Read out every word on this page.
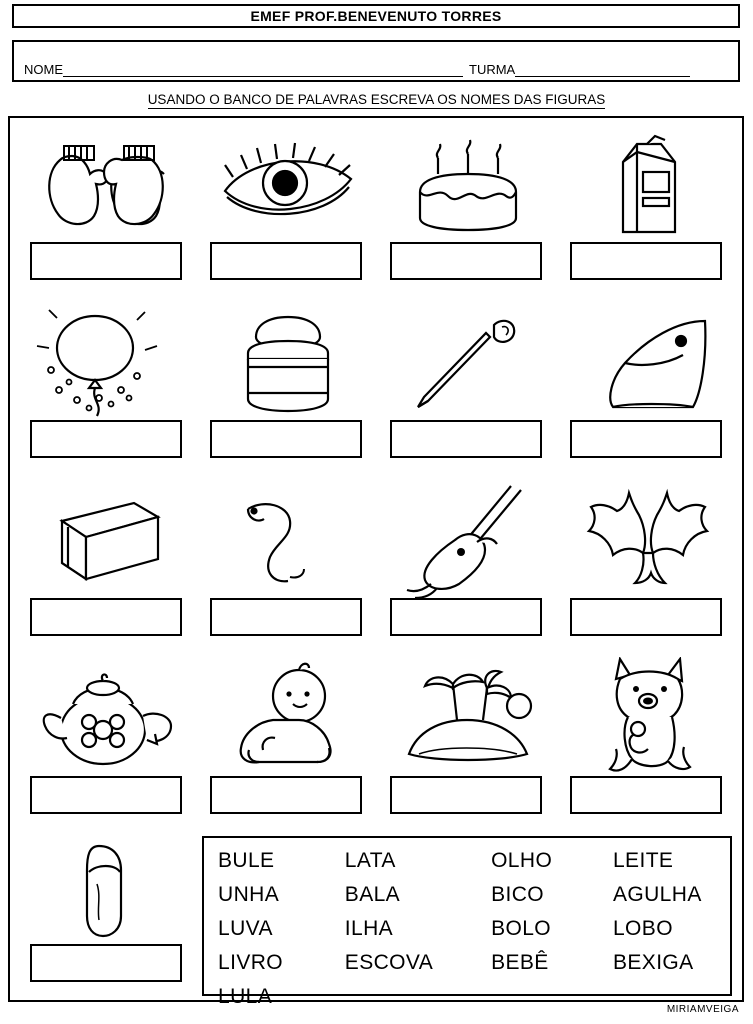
EMEF PROF.BENEVENUTO TORRES
NOME	TURMA
USANDO O BANCO DE PALAVRAS ESCREVA OS NOMES DAS FIGURAS
BULE	LATA	OLHO	LEITE
UNHA	BALA	BICO	AGULHA
LUVA	ILHA	BOLO	LOBO
LIVRO	ESCOVA	BEBÊ	BEXIGA
LULA
MIRIAMVEIGA
